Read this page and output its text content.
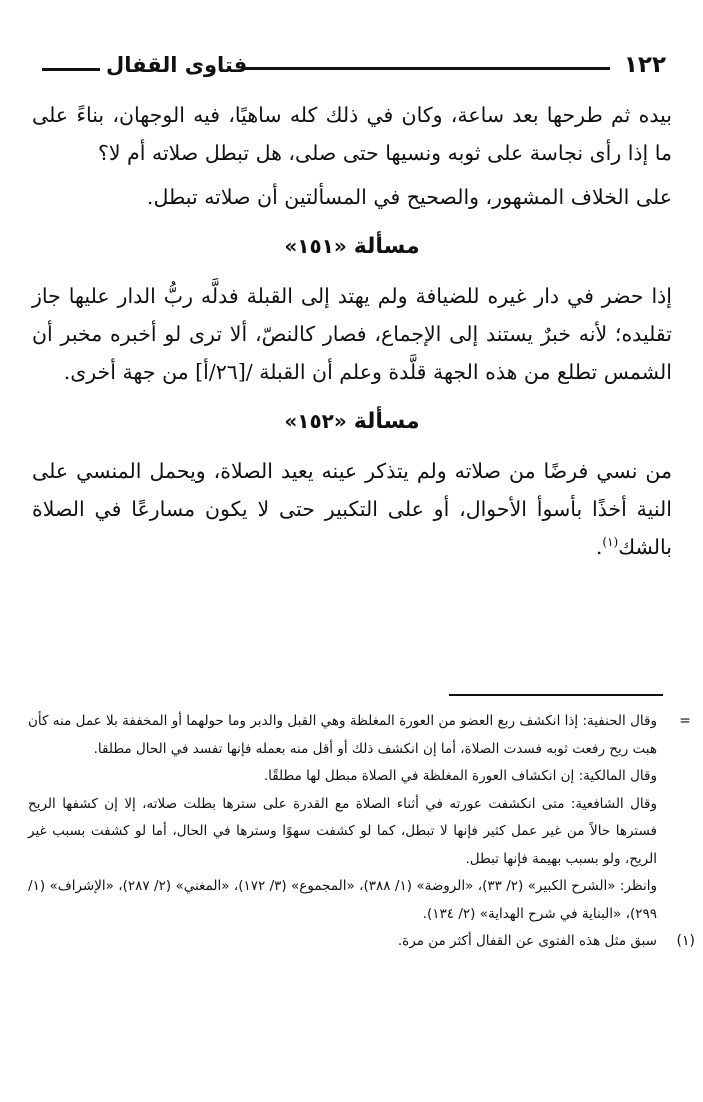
١٢٢
فتاوى القفال

بيده ثم طرحها بعد ساعة، وكان في ذلك كله ساهيًا، فيه الوجهان، بناءً على ما إذا رأى نجاسة على ثوبه ونسيها حتى صلى، هل تبطل صلاته أم لا؟

على الخلاف المشهور، والصحيح في المسألتين أن صلاته تبطل.

مسألة «١٥١»

إذا حضر في دار غيره للضيافة ولم يهتد إلى القبلة فدلَّه ربُّ الدار عليها جاز تقليده؛ لأنه خبرٌ يستند إلى الإجماع، فصار كالنصّ، ألا ترى لو أخبره مخبر أن الشمس تطلع من هذه الجهة قلَّدة وعلم أن القبلة /[٢٦/أ] من جهة أخرى.

مسألة «١٥٢»

من نسي فرضًا من صلاته ولم يتذكر عينه يعيد الصلاة، ويحمل المنسي على النية أخذًا بأسوأ الأحوال، أو على التكبير حتى لا يكون مسارعًا في الصلاة بالشك$^{(١)}$.

=

وقال الحنفية: إذا انكشف ربع العضو من العورة المغلظة وهي القبل والدبر وما حولهما أو المخففة بلا عمل منه كأن هبت ريح رفعت ثوبه فسدت الصلاة، أما إن انكشف ذلك أو أقل منه بعمله فإنها تفسد في الحال مطلقا.

وقال المالكية: إن انكشاف العورة المغلظة في الصلاة مبطل لها مطلقًا.

وقال الشافعية: متى انكشفت عورته في أثناء الصلاة مع القدرة على سترها بطلت صلاته، إلا إن كشفها الريح فسترها حالاً من غير عمل كثير فإنها لا تبطل، كما لو كشفت سهوًا وسترها في الحال، أما لو كشفت بسبب غير الريح، ولو بسبب بهيمة فإنها تبطل.

وانظر: «الشرح الكبير» (٢/ ٣٣)، «الروضة» (١/ ٣٨٨)، «المجموع» (٣/ ١٧٢)، «المغني» (٢/ ٢٨٧)، «الإشراف» (١/ ٢٩٩)، «البناية في شرح الهداية» (٢/ ١٣٤).

(١)

سبق مثل هذه الفتوى عن القفال أكثر من مرة.
